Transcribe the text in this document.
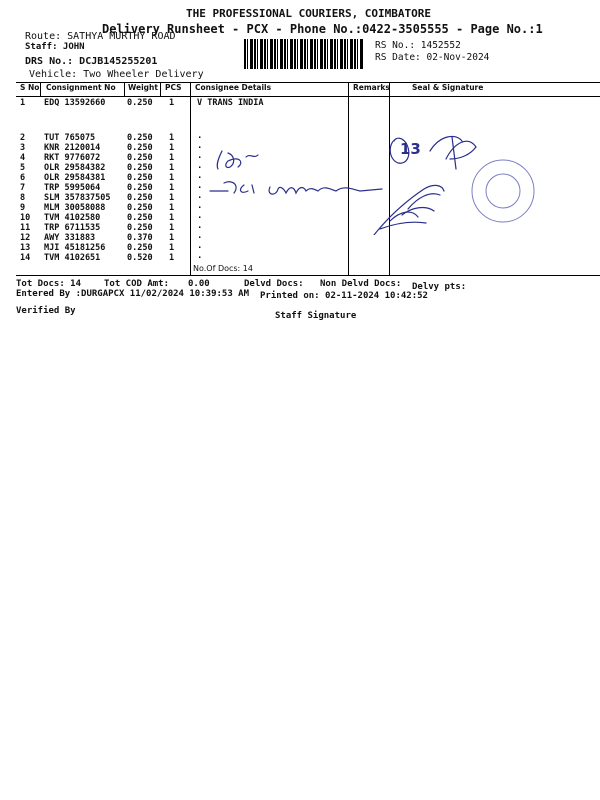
THE PROFESSIONAL COURIERS, COIMBATORE
Delivery Runsheet - PCX - Phone No.:0422-3505555 - Page No.:1
Route: SATHYA MURTHY ROAD
Staff: JOHN	RS No.: 1452552
RS Date: 02-Nov-2024
DRS No.: DCJB145255201
Vehicle: Two Wheeler Delivery
S No Consignment No Weight PCS Consignee Details	Remarks	Seal & Signature
1 EDQ 13592660	0.250 1	V TRANS INDIA
2 TUT 765075	0.250 1	.
3 KNR 2120014	0.250 1	.
4 RKT 9776072	0.250 1	.
5 OLR 29584382	0.250 1	.
6 OLR 29584381	0.250 1	.
7 TRP 5995064	0.250 1	.
8 SLM 357837505 0.250 1	.
9 MLM 30058088	0.250 1	.
10 TVM 4102580	0.250 1	.
11 TRP 6711535	0.250 1	.
12 AWY 331883	0.370 1	.
13 MJI 45181256	0.250 1	.
14 TVM 4102651	0.520 1	.
No.Of Docs: 14
13
Tot Docs: 14	Tot COD Amt: 0.00	Delvd Docs: Non Delvd Docs: Delvy pts:
Entered By :DURGAPCX 11/02/2024 10:39:53 AM Printed on: 02-11-2024 10:42:52
Verified By	Staff Signature
